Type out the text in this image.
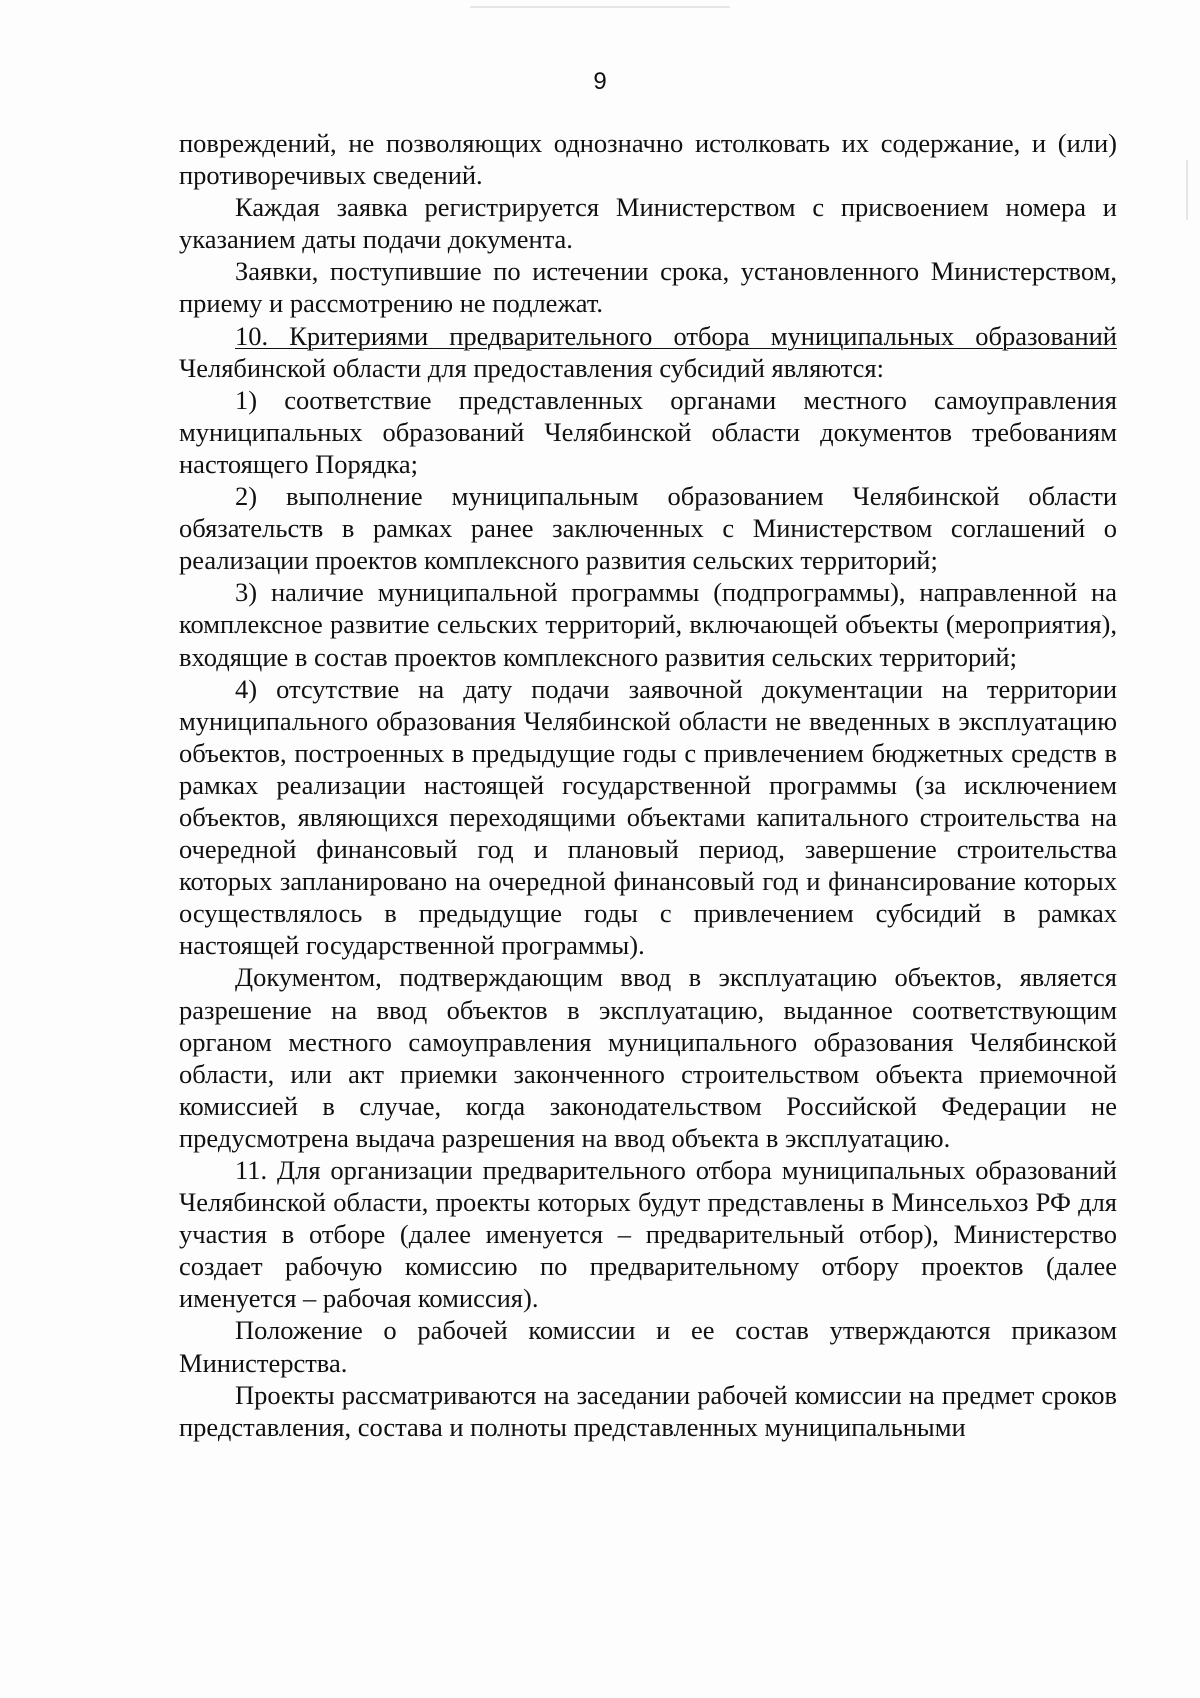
9

повреждений, не позволяющих однозначно истолковать их содержание, и (или) противоречивых сведений.

Каждая заявка регистрируется Министерством с присвоением номера и указанием даты подачи документа.

Заявки, поступившие по истечении срока, установленного Министерством, приему и рассмотрению не подлежат.

10. Критериями предварительного отбора муниципальных образований Челябинской области для предоставления субсидий являются:

1) соответствие представленных органами местного самоуправления муниципальных образований Челябинской области документов требованиям настоящего Порядка;

2) выполнение муниципальным образованием Челябинской области обязательств в рамках ранее заключенных с Министерством соглашений о реализации проектов комплексного развития сельских территорий;

3) наличие муниципальной программы (подпрограммы), направленной на комплексное развитие сельских территорий, включающей объекты (мероприятия), входящие в состав проектов комплексного развития сельских территорий;

4) отсутствие на дату подачи заявочной документации на территории муниципального образования Челябинской области не введенных в эксплуатацию объектов, построенных в предыдущие годы с привлечением бюджетных средств в рамках реализации настоящей государственной программы (за исключением объектов, являющихся переходящими объектами капитального строительства на очередной финансовый год и плановый период, завершение строительства которых запланировано на очередной финансовый год и финансирование которых осуществлялось в предыдущие годы с привлечением субсидий в рамках настоящей государственной программы).

Документом, подтверждающим ввод в эксплуатацию объектов, является разрешение на ввод объектов в эксплуатацию, выданное соответствующим органом местного самоуправления муниципального образования Челябинской области, или акт приемки законченного строительством объекта приемочной комиссией в случае, когда законодательством Российской Федерации не предусмотрена выдача разрешения на ввод объекта в эксплуатацию.

11. Для организации предварительного отбора муниципальных образований Челябинской области, проекты которых будут представлены в Минсельхоз РФ для участия в отборе (далее именуется – предварительный отбор), Министерство создает рабочую комиссию по предварительному отбору проектов (далее именуется – рабочая комиссия).

Положение о рабочей комиссии и ее состав утверждаются приказом Министерства.

Проекты рассматриваются на заседании рабочей комиссии на предмет сроков представления, состава и полноты представленных муниципальными
